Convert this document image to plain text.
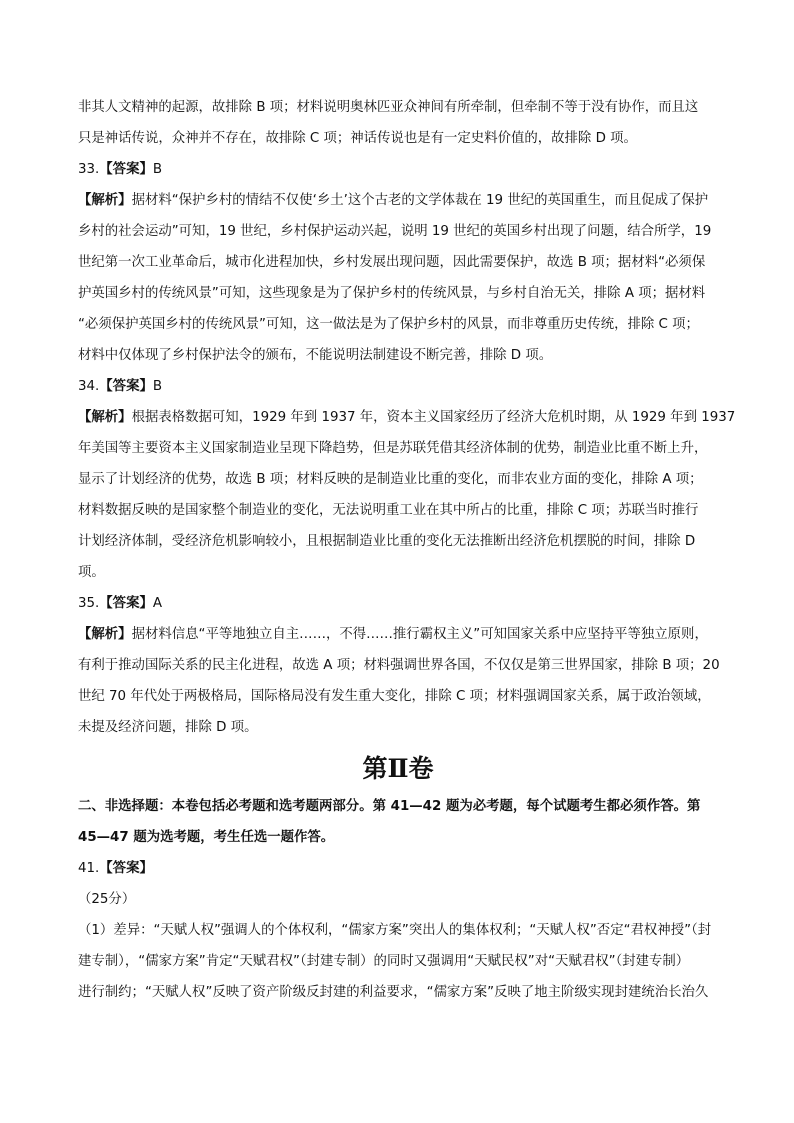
非其人文精神的起源，故排除 B 项；材料说明奥林匹亚众神间有所牵制，但牵制不等于没有协作，而且这
只是神话传说，众神并不存在，故排除 C 项；神话传说也是有一定史料价值的，故排除 D 项。
33.【答案】B
【解析】据材料“保护乡村的情结不仅使‘乡土’这个古老的文学体裁在 19 世纪的英国重生，而且促成了保护
乡村的社会运动”可知，19 世纪，乡村保护运动兴起，说明 19 世纪的英国乡村出现了问题，结合所学，19
世纪第一次工业革命后，城市化进程加快，乡村发展出现问题，因此需要保护，故选 B 项；据材料“必须保
护英国乡村的传统风景”可知，这些现象是为了保护乡村的传统风景，与乡村自治无关，排除 A 项；据材料
“必须保护英国乡村的传统风景”可知，这一做法是为了保护乡村的风景，而非尊重历史传统，排除 C 项；
材料中仅体现了乡村保护法令的颁布，不能说明法制建设不断完善，排除 D 项。
34.【答案】B
【解析】根据表格数据可知，1929 年到 1937 年，资本主义国家经历了经济大危机时期，从 1929 年到 1937
年美国等主要资本主义国家制造业呈现下降趋势，但是苏联凭借其经济体制的优势，制造业比重不断上升，
显示了计划经济的优势，故选 B 项；材料反映的是制造业比重的变化，而非农业方面的变化，排除 A 项；
材料数据反映的是国家整个制造业的变化，无法说明重工业在其中所占的比重，排除 C 项；苏联当时推行
计划经济体制，受经济危机影响较小，且根据制造业比重的变化无法推断出经济危机摆脱的时间，排除 D
项。
35.【答案】A
【解析】据材料信息“平等地独立自主……，不得……推行霸权主义”可知国家关系中应坚持平等独立原则，
有利于推动国际关系的民主化进程，故选 A 项；材料强调世界各国，不仅仅是第三世界国家，排除 B 项；20
世纪 70 年代处于两极格局，国际格局没有发生重大变化，排除 C 项；材料强调国家关系，属于政治领域，
未提及经济问题，排除 D 项。
第Ⅱ卷
二、非选择题：本卷包括必考题和选考题两部分。第 41—42 题为必考题，每个试题考生都必须作答。第
45—47 题为选考题，考生任选一题作答。
41.【答案】
（25分）
（1）差异：“天赋人权”强调人的个体权利，“儒家方案”突出人的集体权利；“天赋人权”否定“君权神授”（封
建专制），“儒家方案”肯定“天赋君权”（封建专制）的同时又强调用“天赋民权”对“天赋君权”（封建专制）
进行制约；“天赋人权”反映了资产阶级反封建的利益要求，“儒家方案”反映了地主阶级实现封建统治长治久
